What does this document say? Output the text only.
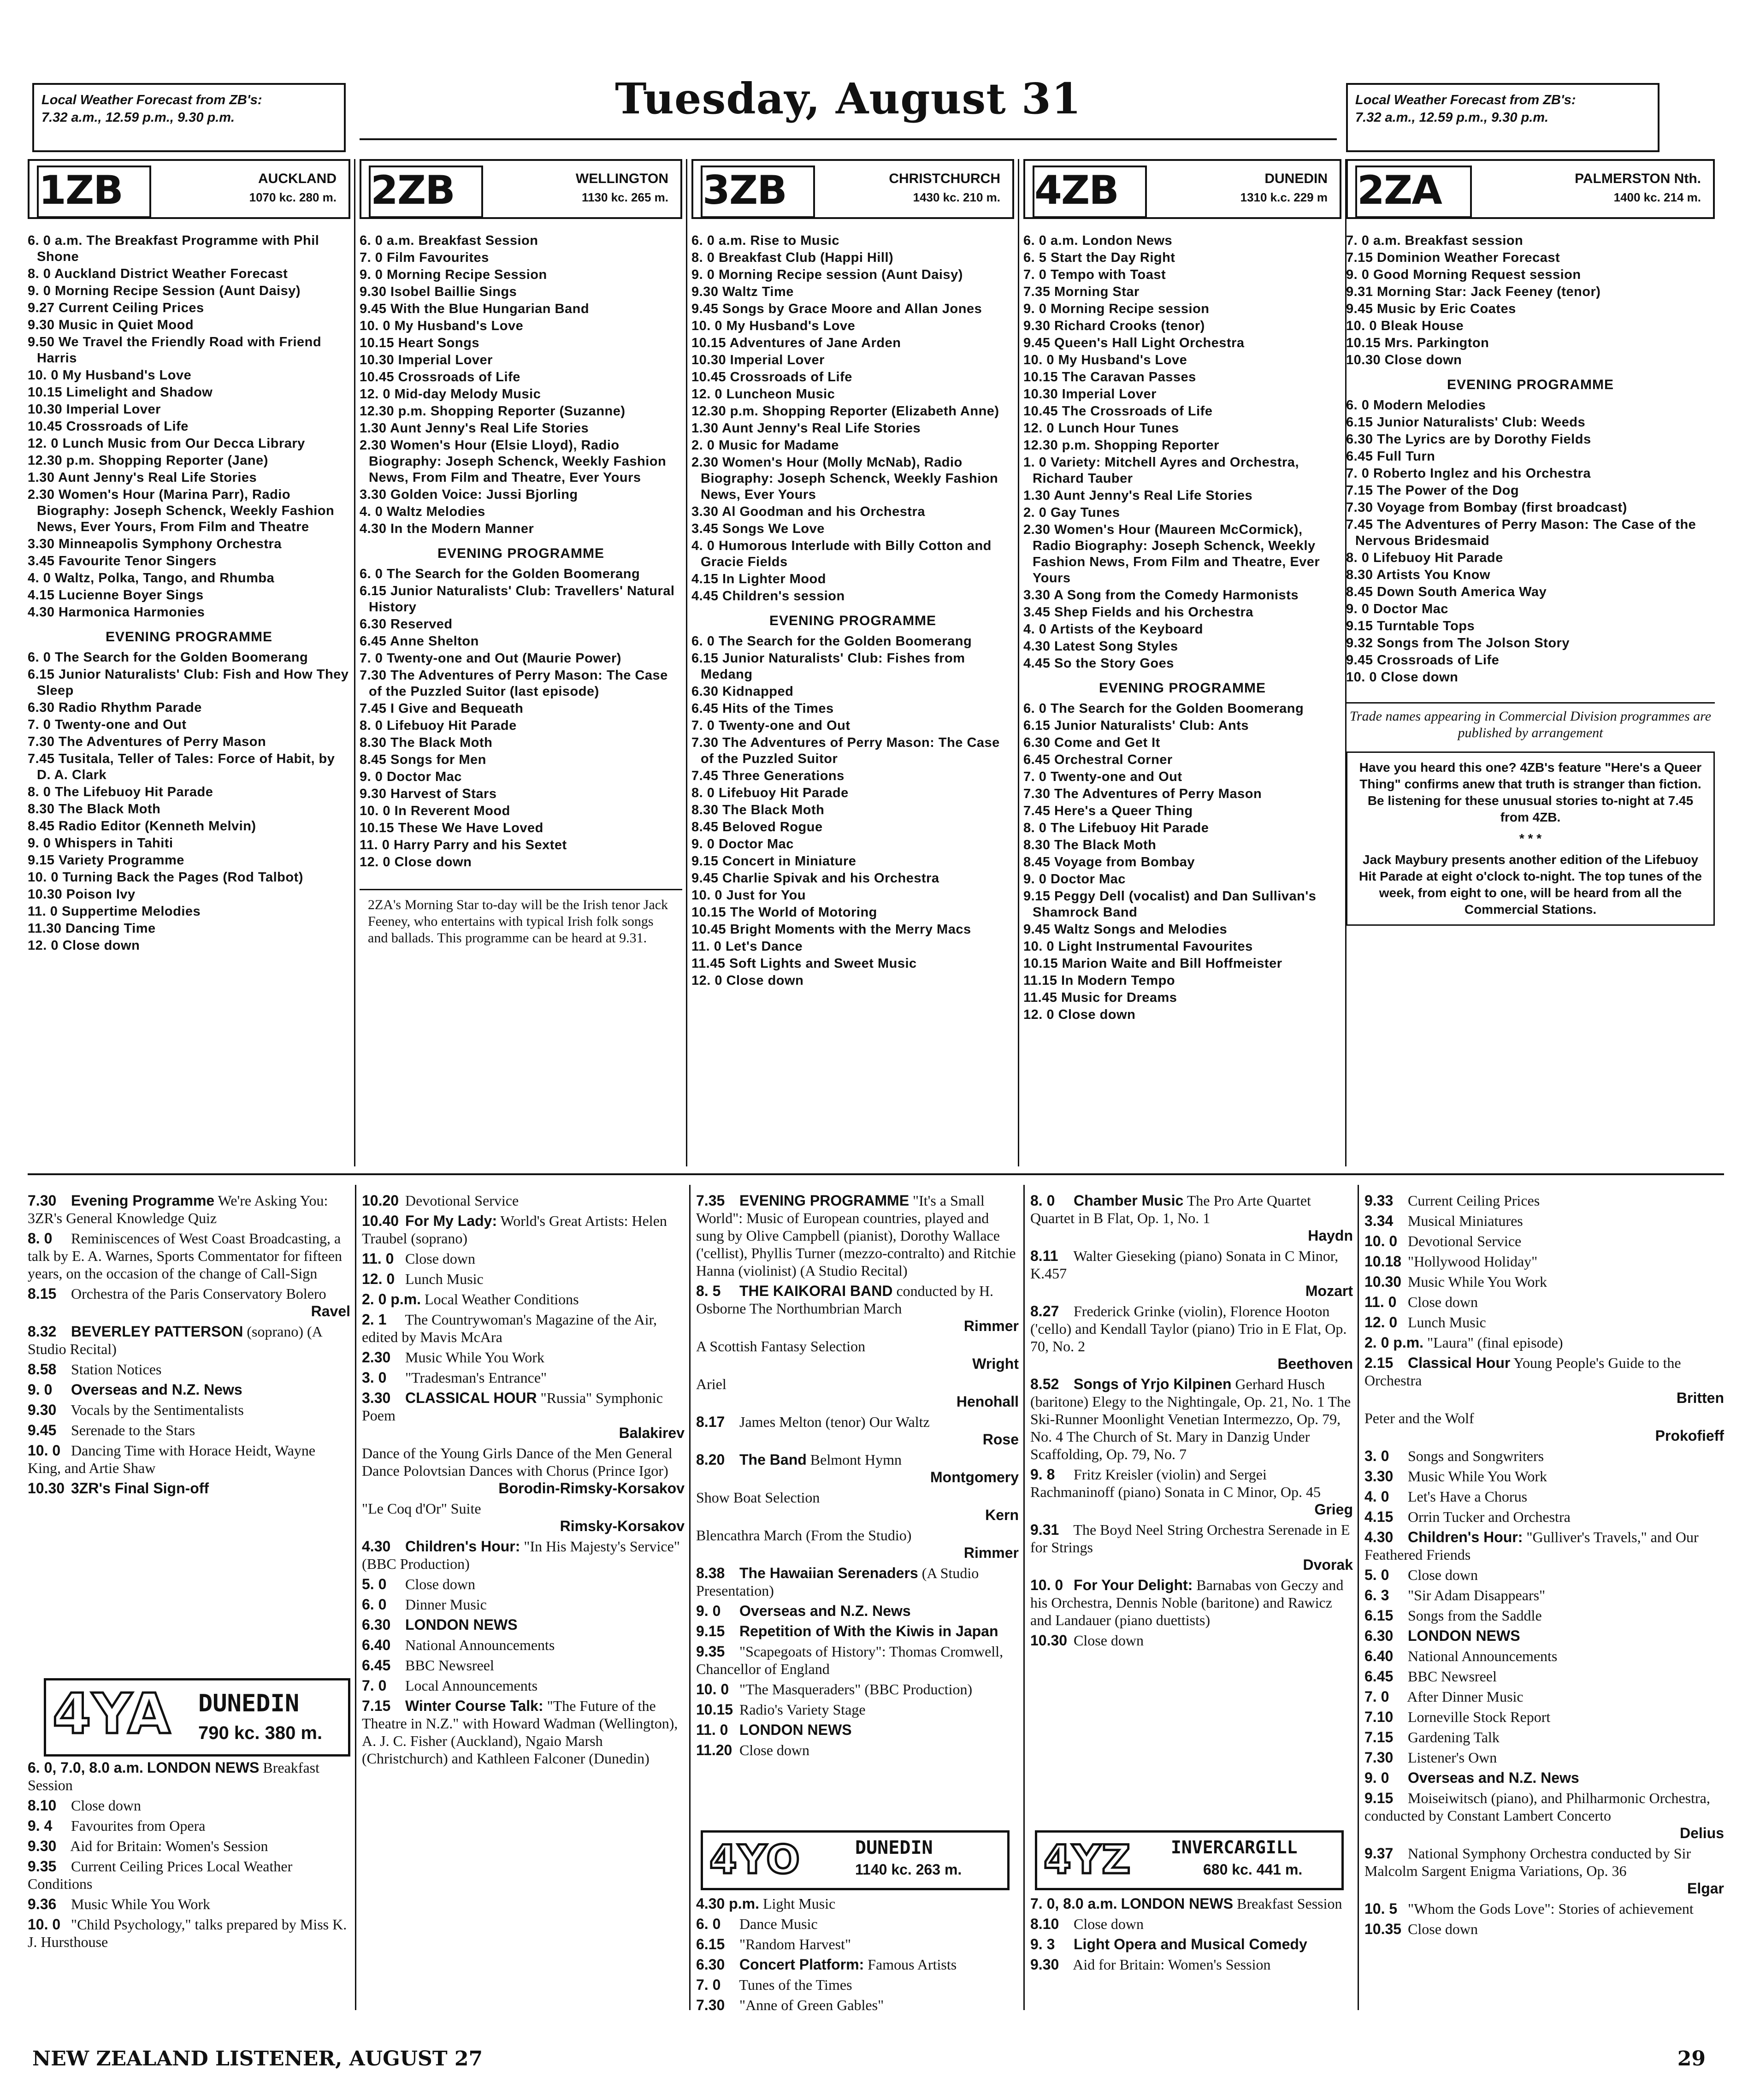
Local Weather Forecast from ZB's:
7.32 a.m., 12.59 p.m., 9.30 p.m.	Tuesday, August 31	Local Weather Forecast from ZB's:
7.32 a.m., 12.59 p.m., 9.30 p.m.
1ZB	AUCKLAND
1070 kc. 280 m.
6. 0 a.m. The Breakfast Programme with Phil Shone
8. 0 Auckland District Weather Forecast
9. 0 Morning Recipe Session (Aunt Daisy)
9.27 Current Ceiling Prices
9.30 Music in Quiet Mood
9.50 We Travel the Friendly Road with Friend Harris
10. 0 My Husband's Love
10.15 Limelight and Shadow
10.30 Imperial Lover
10.45 Crossroads of Life
12. 0 Lunch Music from Our Decca Library
12.30 p.m. Shopping Reporter (Jane)
1.30 Aunt Jenny's Real Life Stories
2.30 Women's Hour (Marina Parr), Radio Biography: Joseph Schenck, Weekly Fashion News, Ever Yours, From Film and Theatre
3.30 Minneapolis Symphony Orchestra
3.45 Favourite Tenor Singers
4. 0 Waltz, Polka, Tango, and Rhumba
4.15 Lucienne Boyer Sings
4.30 Harmonica Harmonies
EVENING PROGRAMME
6. 0 The Search for the Golden Boomerang
6.15 Junior Naturalists' Club: Fish and How They Sleep
6.30 Radio Rhythm Parade
7. 0 Twenty-one and Out
7.30 The Adventures of Perry Mason
7.45 Tusitala, Teller of Tales: Force of Habit, by D. A. Clark
8. 0 The Lifebuoy Hit Parade
8.30 The Black Moth
8.45 Radio Editor (Kenneth Melvin)
9. 0 Whispers in Tahiti
9.15 Variety Programme
10. 0 Turning Back the Pages (Rod Talbot)
10.30 Poison Ivy
11. 0 Suppertime Melodies
11.30 Dancing Time
12. 0 Close down
2ZB	WELLINGTON
1130 kc. 265 m.
6. 0 a.m. Breakfast Session
7. 0 Film Favourites
9. 0 Morning Recipe Session
9.30 Isobel Baillie Sings
9.45 With the Blue Hungarian Band
10. 0 My Husband's Love
10.15 Heart Songs
10.30 Imperial Lover
10.45 Crossroads of Life
12. 0 Mid-day Melody Music
12.30 p.m. Shopping Reporter (Suzanne)
1.30 Aunt Jenny's Real Life Stories
2.30 Women's Hour (Elsie Lloyd), Radio Biography: Joseph Schenck, Weekly Fashion News, From Film and Theatre, Ever Yours
3.30 Golden Voice: Jussi Bjorling
4. 0 Waltz Melodies
4.30 In the Modern Manner
EVENING PROGRAMME
6. 0 The Search for the Golden Boomerang
6.15 Junior Naturalists' Club: Travellers' Natural History
6.30 Reserved
6.45 Anne Shelton
7. 0 Twenty-one and Out (Maurie Power)
7.30 The Adventures of Perry Mason: The Case of the Puzzled Suitor (last episode)
7.45 I Give and Bequeath
8. 0 Lifebuoy Hit Parade
8.30 The Black Moth
8.45 Songs for Men
9. 0 Doctor Mac
9.30 Harvest of Stars
10. 0 In Reverent Mood
10.15 These We Have Loved
11. 0 Harry Parry and his Sextet
12. 0 Close down
2ZA's Morning Star to-day will be the Irish tenor Jack Feeney, who entertains with typical Irish folk songs and ballads. This programme can be heard at 9.31.
3ZB	CHRISTCHURCH
1430 kc. 210 m.
6. 0 a.m. Rise to Music
8. 0 Breakfast Club (Happi Hill)
9. 0 Morning Recipe session (Aunt Daisy)
9.30 Waltz Time
9.45 Songs by Grace Moore and Allan Jones
10. 0 My Husband's Love
10.15 Adventures of Jane Arden
10.30 Imperial Lover
10.45 Crossroads of Life
12. 0 Luncheon Music
12.30 p.m. Shopping Reporter (Elizabeth Anne)
1.30 Aunt Jenny's Real Life Stories
2. 0 Music for Madame
2.30 Women's Hour (Molly McNab), Radio Biography: Joseph Schenck, Weekly Fashion News, Ever Yours
3.30 Al Goodman and his Orchestra
3.45 Songs We Love
4. 0 Humorous Interlude with Billy Cotton and Gracie Fields
4.15 In Lighter Mood
4.45 Children's session
EVENING PROGRAMME
6. 0 The Search for the Golden Boomerang
6.15 Junior Naturalists' Club: Fishes from Medang
6.30 Kidnapped
6.45 Hits of the Times
7. 0 Twenty-one and Out
7.30 The Adventures of Perry Mason: The Case of the Puzzled Suitor
7.45 Three Generations
8. 0 Lifebuoy Hit Parade
8.30 The Black Moth
8.45 Beloved Rogue
9. 0 Doctor Mac
9.15 Concert in Miniature
9.45 Charlie Spivak and his Orchestra
10. 0 Just for You
10.15 The World of Motoring
10.45 Bright Moments with the Merry Macs
11. 0 Let's Dance
11.45 Soft Lights and Sweet Music
12. 0 Close down
4ZB	DUNEDIN
1310 k.c. 229 m
6. 0 a.m. London News
6. 5 Start the Day Right
7. 0 Tempo with Toast
7.35 Morning Star
9. 0 Morning Recipe session
9.30 Richard Crooks (tenor)
9.45 Queen's Hall Light Orchestra
10. 0 My Husband's Love
10.15 The Caravan Passes
10.30 Imperial Lover
10.45 The Crossroads of Life
12. 0 Lunch Hour Tunes
12.30 p.m. Shopping Reporter
1. 0 Variety: Mitchell Ayres and Orchestra, Richard Tauber
1.30 Aunt Jenny's Real Life Stories
2. 0 Gay Tunes
2.30 Women's Hour (Maureen McCormick), Radio Biography: Joseph Schenck, Weekly Fashion News, From Film and Theatre, Ever Yours
3.30 A Song from the Comedy Harmonists
3.45 Shep Fields and his Orchestra
4. 0 Artists of the Keyboard
4.30 Latest Song Styles
4.45 So the Story Goes
EVENING PROGRAMME
6. 0 The Search for the Golden Boomerang
6.15 Junior Naturalists' Club: Ants
6.30 Come and Get It
6.45 Orchestral Corner
7. 0 Twenty-one and Out
7.30 The Adventures of Perry Mason
7.45 Here's a Queer Thing
8. 0 The Lifebuoy Hit Parade
8.30 The Black Moth
8.45 Voyage from Bombay
9. 0 Doctor Mac
9.15 Peggy Dell (vocalist) and Dan Sullivan's Shamrock Band
9.45 Waltz Songs and Melodies
10. 0 Light Instrumental Favourites
10.15 Marion Waite and Bill Hoffmeister
11.15 In Modern Tempo
11.45 Music for Dreams
12. 0 Close down
2ZA	PALMERSTON Nth.
1400 kc. 214 m.
7. 0 a.m. Breakfast session
7.15 Dominion Weather Forecast
9. 0 Good Morning Request session
9.31 Morning Star: Jack Feeney (tenor)
9.45 Music by Eric Coates
10. 0 Bleak House
10.15 Mrs. Parkington
10.30 Close down
EVENING PROGRAMME
6. 0 Modern Melodies
6.15 Junior Naturalists' Club: Weeds
6.30 The Lyrics are by Dorothy Fields
6.45 Full Turn
7. 0 Roberto Inglez and his Orchestra
7.15 The Power of the Dog
7.30 Voyage from Bombay (first broadcast)
7.45 The Adventures of Perry Mason: The Case of the Nervous Bridesmaid
8. 0 Lifebuoy Hit Parade
8.30 Artists You Know
8.45 Down South America Way
9. 0 Doctor Mac
9.15 Turntable Tops
9.32 Songs from The Jolson Story
9.45 Crossroads of Life
10. 0 Close down
Trade names appearing in Commercial Division programmes are published by arrangement
Have you heard this one? 4ZB's feature "Here's a Queer Thing" confirms anew that truth is stranger than fiction. Be listening for these unusual stories to-night at 7.45 from 4ZB.
* * *
Jack Maybury presents another edition of the Lifebuoy Hit Parade at eight o'clock to-night. The top tunes of the week, from eight to one, will be heard from all the Commercial Stations.
7.30 Evening Programme We're Asking You: 3ZR's General Knowledge Quiz
8. 0 Reminiscences of West Coast Broadcasting, a talk by E. A. Warnes, Sports Commentator for fifteen years, on the occasion of the change of Call-Sign
8.15 Orchestra of the Paris Conservatory Bolero
Ravel
8.32 BEVERLEY PATTERSON (soprano) (A Studio Recital)
8.58 Station Notices
9. 0 Overseas and N.Z. News
9.30 Vocals by the Sentimentalists
9.45 Serenade to the Stars
10. 0 Dancing Time with Horace Heidt, Wayne King, and Artie Shaw
10.30 3ZR's Final Sign-off
4YA DUNEDIN
790 kc. 380 m.
6. 0, 7.0, 8.0 a.m. LONDON NEWS Breakfast Session
8.10 Close down
9. 4 Favourites from Opera
9.30 Aid for Britain: Women's Session
9.35 Current Ceiling Prices Local Weather Conditions
9.36 Music While You Work
10. 0 "Child Psychology," talks prepared by Miss K. J. Hursthouse
10.20 Devotional Service
10.40 For My Lady: World's Great Artists: Helen Traubel (soprano)
11. 0 Close down
12. 0 Lunch Music
2. 0 p.m. Local Weather Conditions
2. 1 The Countrywoman's Magazine of the Air, edited by Mavis McAra
2.30 Music While You Work
3. 0 "Tradesman's Entrance"
3.30 CLASSICAL HOUR "Russia" Symphonic Poem
Balakirev
Dance of the Young Girls Dance of the Men General Dance Polovtsian Dances with Chorus (Prince Igor)
Borodin-Rimsky-Korsakov
"Le Coq d'Or" Suite
Rimsky-Korsakov
4.30 Children's Hour: "In His Majesty's Service" (BBC Production)
5. 0 Close down
6. 0 Dinner Music
6.30 LONDON NEWS
6.40 National Announcements
6.45 BBC Newsreel
7. 0 Local Announcements
7.15 Winter Course Talk: "The Future of the Theatre in N.Z." with Howard Wadman (Wellington), A. J. C. Fisher (Auckland), Ngaio Marsh (Christchurch) and Kathleen Falconer (Dunedin)
7.35 EVENING PROGRAMME "It's a Small World": Music of European countries, played and sung by Olive Campbell (pianist), Dorothy Wallace ('cellist), Phyllis Turner (mezzo-contralto) and Ritchie Hanna (violinist) (A Studio Recital)
8. 5 THE KAIKORAI BAND conducted by H. Osborne The Northumbrian March
Rimmer
A Scottish Fantasy Selection
Wright
Ariel
Henohall
8.17 James Melton (tenor) Our Waltz
Rose
8.20 The Band Belmont Hymn
Montgomery
Show Boat Selection
Kern
Blencathra March (From the Studio)
Rimmer
8.38 The Hawaiian Serenaders (A Studio Presentation)
9. 0 Overseas and N.Z. News
9.15 Repetition of With the Kiwis in Japan
9.35 "Scapegoats of History": Thomas Cromwell, Chancellor of England
10. 0 "The Masqueraders" (BBC Production)
10.15 Radio's Variety Stage
11. 0 LONDON NEWS
11.20 Close down
4YO	DUNEDIN
1140 kc. 263 m.
4.30 p.m. Light Music
6. 0 Dance Music
6.15 "Random Harvest"
6.30 Concert Platform: Famous Artists
7. 0 Tunes of the Times
7.30 "Anne of Green Gables"
8. 0 Chamber Music The Pro Arte Quartet Quartet in B Flat, Op. 1, No. 1
Haydn
8.11 Walter Gieseking (piano) Sonata in C Minor, K.457
Mozart
8.27 Frederick Grinke (violin), Florence Hooton ('cello) and Kendall Taylor (piano) Trio in E Flat, Op. 70, No. 2
Beethoven
8.52 Songs of Yrjo Kilpinen Gerhard Husch (baritone) Elegy to the Nightingale, Op. 21, No. 1 The Ski-Runner Moonlight Venetian Intermezzo, Op. 79, No. 4 The Church of St. Mary in Danzig Under Scaffolding, Op. 79, No. 7
9. 8 Fritz Kreisler (violin) and Sergei Rachmaninoff (piano) Sonata in C Minor, Op. 45
Grieg
9.31 The Boyd Neel String Orchestra Serenade in E for Strings
Dvorak
10. 0 For Your Delight: Barnabas von Geczy and his Orchestra, Dennis Noble (baritone) and Rawicz and Landauer (piano duettists)
10.30 Close down
4YZ INVERCARGILL
680 kc. 441 m.
7. 0, 8.0 a.m. LONDON NEWS Breakfast Session
8.10 Close down
9. 3 Light Opera and Musical Comedy
9.30 Aid for Britain: Women's Session
9.33 Current Ceiling Prices
3.34 Musical Miniatures
10. 0 Devotional Service
10.18 "Hollywood Holiday"
10.30 Music While You Work
11. 0 Close down
12. 0 Lunch Music
2. 0 p.m. "Laura" (final episode)
2.15 Classical Hour Young People's Guide to the Orchestra
Britten
Peter and the Wolf
Prokofieff
3. 0 Songs and Songwriters
3.30 Music While You Work
4. 0 Let's Have a Chorus
4.15 Orrin Tucker and Orchestra
4.30 Children's Hour: "Gulliver's Travels," and Our Feathered Friends
5. 0 Close down
6. 3 "Sir Adam Disappears"
6.15 Songs from the Saddle
6.30 LONDON NEWS
6.40 National Announcements
6.45 BBC Newsreel
7. 0 After Dinner Music
7.10 Lorneville Stock Report
7.15 Gardening Talk
7.30 Listener's Own
9. 0 Overseas and N.Z. News
9.15 Moiseiwitsch (piano), and Philharmonic Orchestra, conducted by Constant Lambert Concerto
Delius
9.37 National Symphony Orchestra conducted by Sir Malcolm Sargent Enigma Variations, Op. 36
Elgar
10. 5 "Whom the Gods Love": Stories of achievement
10.35 Close down
NEW ZEALAND LISTENER, AUGUST 27	29
